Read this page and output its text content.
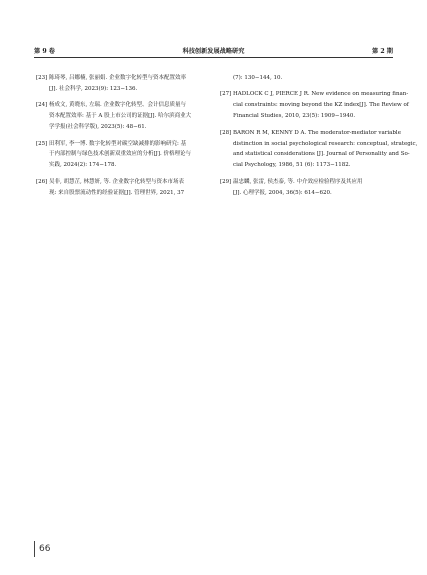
第 9 卷	科技创新发展战略研究	第 2 期
[23] 陈琦琴, 吕娜楠, 张丽娟. 企业数字化转型与资本配置效率
[J]. 社会科学, 2023(9): 123−136.
[24] 杨成文, 黄晓东, 左瑞. 企业数字化转型、会计信息质量与
资本配置效率: 基于 A 股上市公司的证据[J]. 哈尔滨商业大
学学报(社会科学版), 2023(5): 48−61.
[25] 田利军, 李一博. 数字化转型对碳空缺减排的影响研究: 基
于内部控制与绿色技术创新双重效应的分析[J]. 价格理论与
实践, 2024(2): 174−178.
[26] 吴非, 胡慧芷, 林慧妍, 等. 企业数字化转型与资本市场表
现: 来自股票流动性的经验证据[J]. 管理世界, 2021, 37
(7): 130−144, 10.
[27] HADLOCK C J, PIERCE J R. New evidence on measuring finan-
cial constraints: moving beyond the KZ index[J]. The Review of
Financial Studies, 2010, 23(5): 1909−1940.
[28] BARON R M, KENNY D A. The moderator-mediator variable
distinction in social psychological research: conceptual, strategic,
and statistical considerations [J]. Journal of Personality and So-
cial Psychology, 1986, 51 (6): 1173−1182.
[29] 温忠麟, 张雷, 侯杰泰, 等. 中介效应检验程序及其应用
[J]. 心理学报, 2004, 36(5): 614−620.
66
